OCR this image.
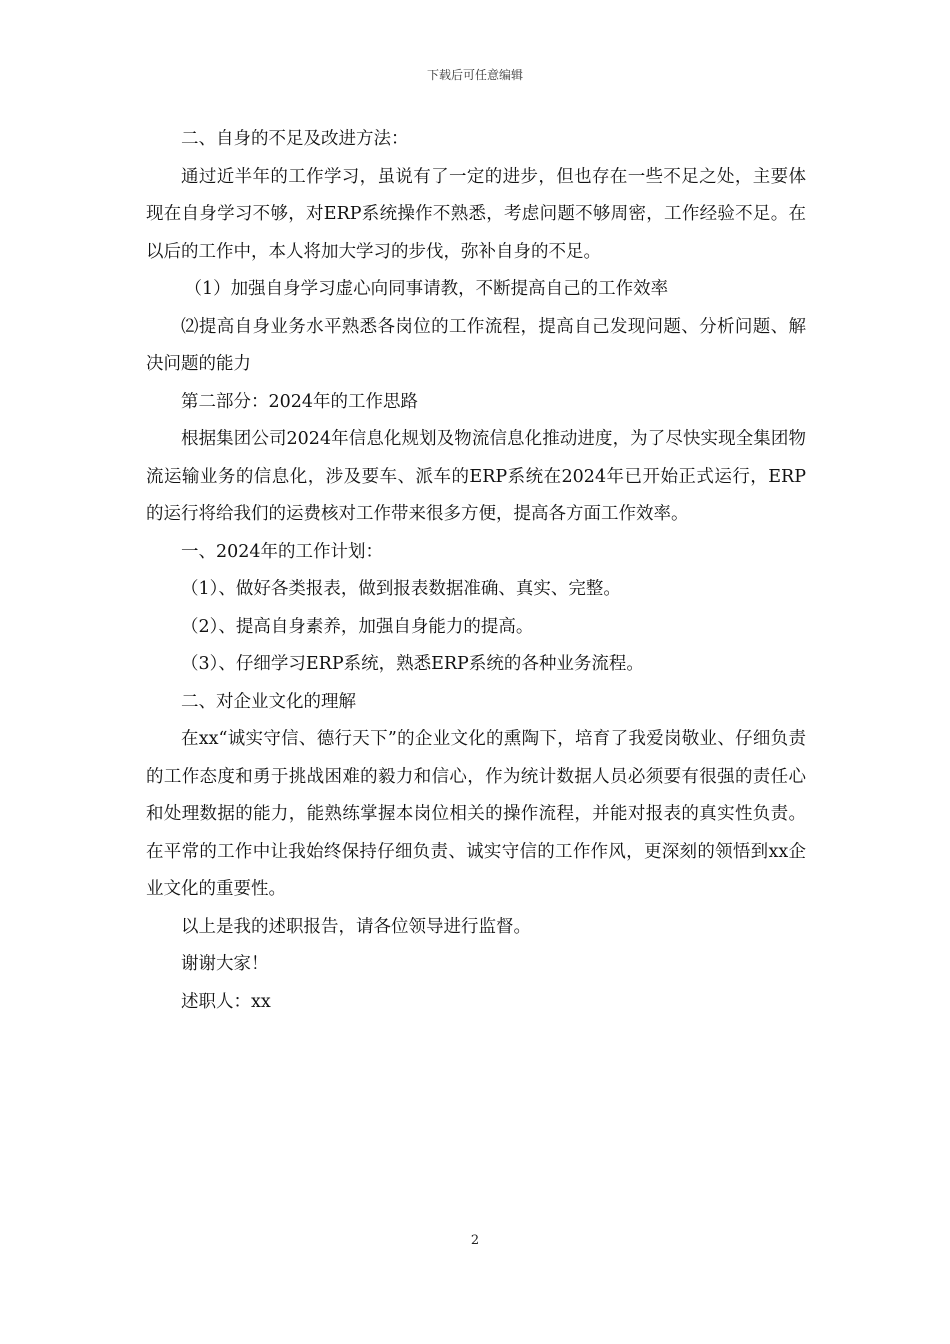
下载后可任意编辑

二、自身的不足及改进方法：

通过近半年的工作学习，虽说有了一定的进步，但也存在一些不足之处，主要体现在自身学习不够，对ERP系统操作不熟悉，考虑问题不够周密，工作经验不足。在以后的工作中，本人将加大学习的步伐，弥补自身的不足。

（1）加强自身学习虚心向同事请教，不断提高自己的工作效率

⑵提高自身业务水平熟悉各岗位的工作流程，提高自己发现问题、分析问题、解决问题的能力

第二部分：2024年的工作思路

根据集团公司2024年信息化规划及物流信息化推动进度，为了尽快实现全集团物流运输业务的信息化，涉及要车、派车的ERP系统在2024年已开始正式运行，ERP的运行将给我们的运费核对工作带来很多方便，提高各方面工作效率。

一、2024年的工作计划：

（1）、做好各类报表，做到报表数据准确、真实、完整。

（2）、提高自身素养，加强自身能力的提高。

（3）、仔细学习ERP系统，熟悉ERP系统的各种业务流程。

二、对企业文化的理解

在xx“诚实守信、德行天下”的企业文化的熏陶下，培育了我爱岗敬业、仔细负责的工作态度和勇于挑战困难的毅力和信心，作为统计数据人员必须要有很强的责任心和处理数据的能力，能熟练掌握本岗位相关的操作流程，并能对报表的真实性负责。在平常的工作中让我始终保持仔细负责、诚实守信的工作作风，更深刻的领悟到xx企业文化的重要性。

以上是我的述职报告，请各位领导进行监督。

谢谢大家！

述职人：xx

2
